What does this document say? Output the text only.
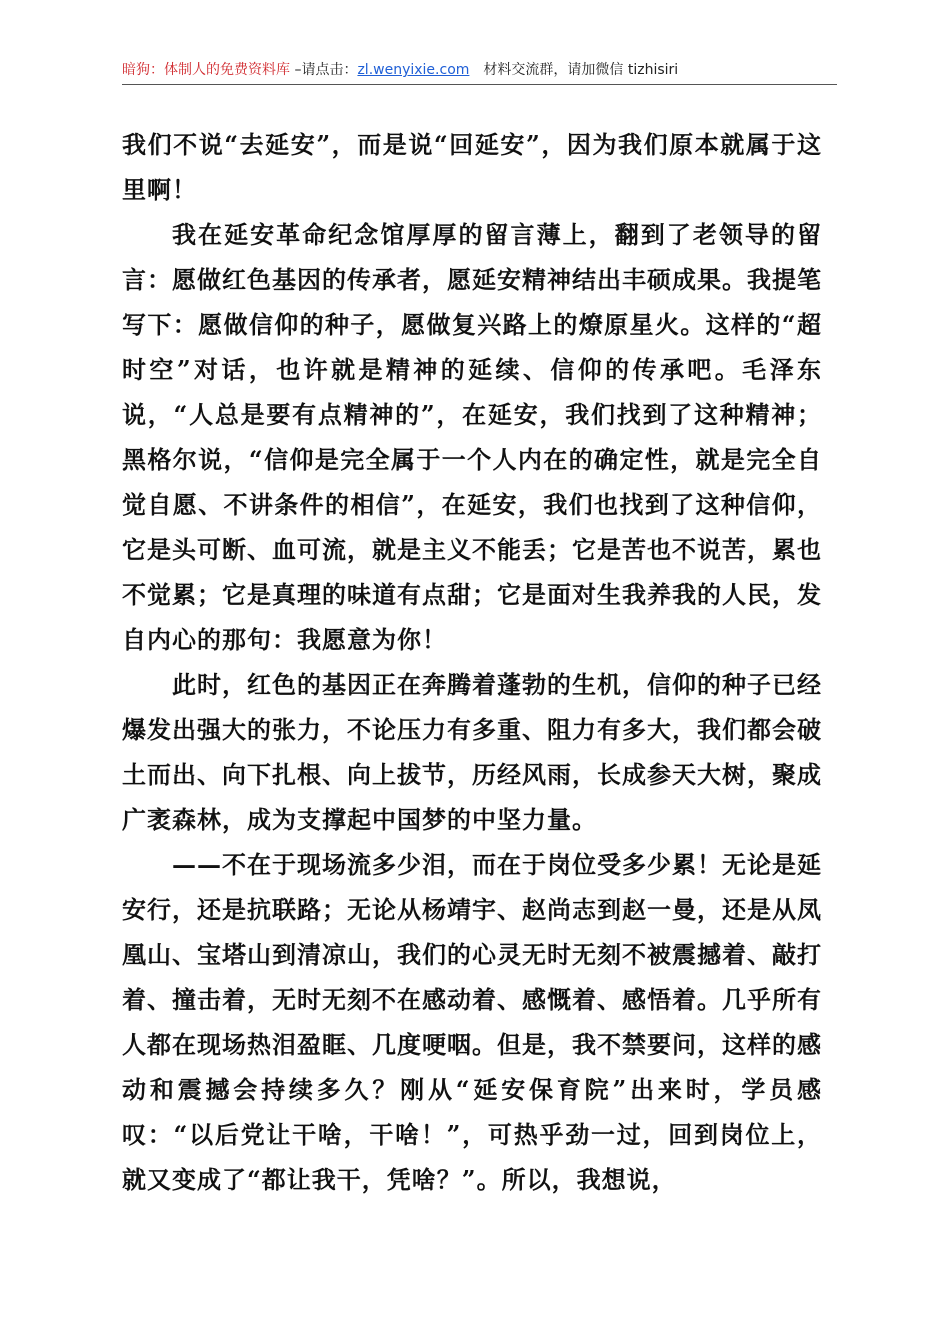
暗狗：体制人的免费资料库 –请点击：zl.wenyixie.com 材料交流群，请加微信 tizhisiri

我们不说“去延安”，而是说“回延安”，因为我们原本就属于这里啊！

我在延安革命纪念馆厚厚的留言薄上，翻到了老领导的留言：愿做红色基因的传承者，愿延安精神结出丰硕成果。我提笔写下：愿做信仰的种子，愿做复兴路上的燎原星火。这样的“超时空”对话，也许就是精神的延续、信仰的传承吧。毛泽东说，“人总是要有点精神的”，在延安，我们找到了这种精神；黑格尔说，“信仰是完全属于一个人内在的确定性，就是完全自觉自愿、不讲条件的相信”，在延安，我们也找到了这种信仰，它是头可断、血可流，就是主义不能丢；它是苦也不说苦，累也不觉累；它是真理的味道有点甜；它是面对生我养我的人民，发自内心的那句：我愿意为你！

此时，红色的基因正在奔腾着蓬勃的生机，信仰的种子已经爆发出强大的张力，不论压力有多重、阻力有多大，我们都会破土而出、向下扎根、向上拔节，历经风雨，长成参天大树，聚成广袤森林，成为支撑起中国梦的中坚力量。

——不在于现场流多少泪，而在于岗位受多少累！无论是延安行，还是抗联路；无论从杨靖宇、赵尚志到赵一曼，还是从凤凰山、宝塔山到清凉山，我们的心灵无时无刻不被震撼着、敲打着、撞击着，无时无刻不在感动着、感慨着、感悟着。几乎所有人都在现场热泪盈眶、几度哽咽。但是，我不禁要问，这样的感动和震撼会持续多久？刚从“延安保育院”出来时，学员感叹：“以后党让干啥，干啥！”，可热乎劲一过，回到岗位上，就又变成了“都让我干，凭啥？”。所以，我想说，
